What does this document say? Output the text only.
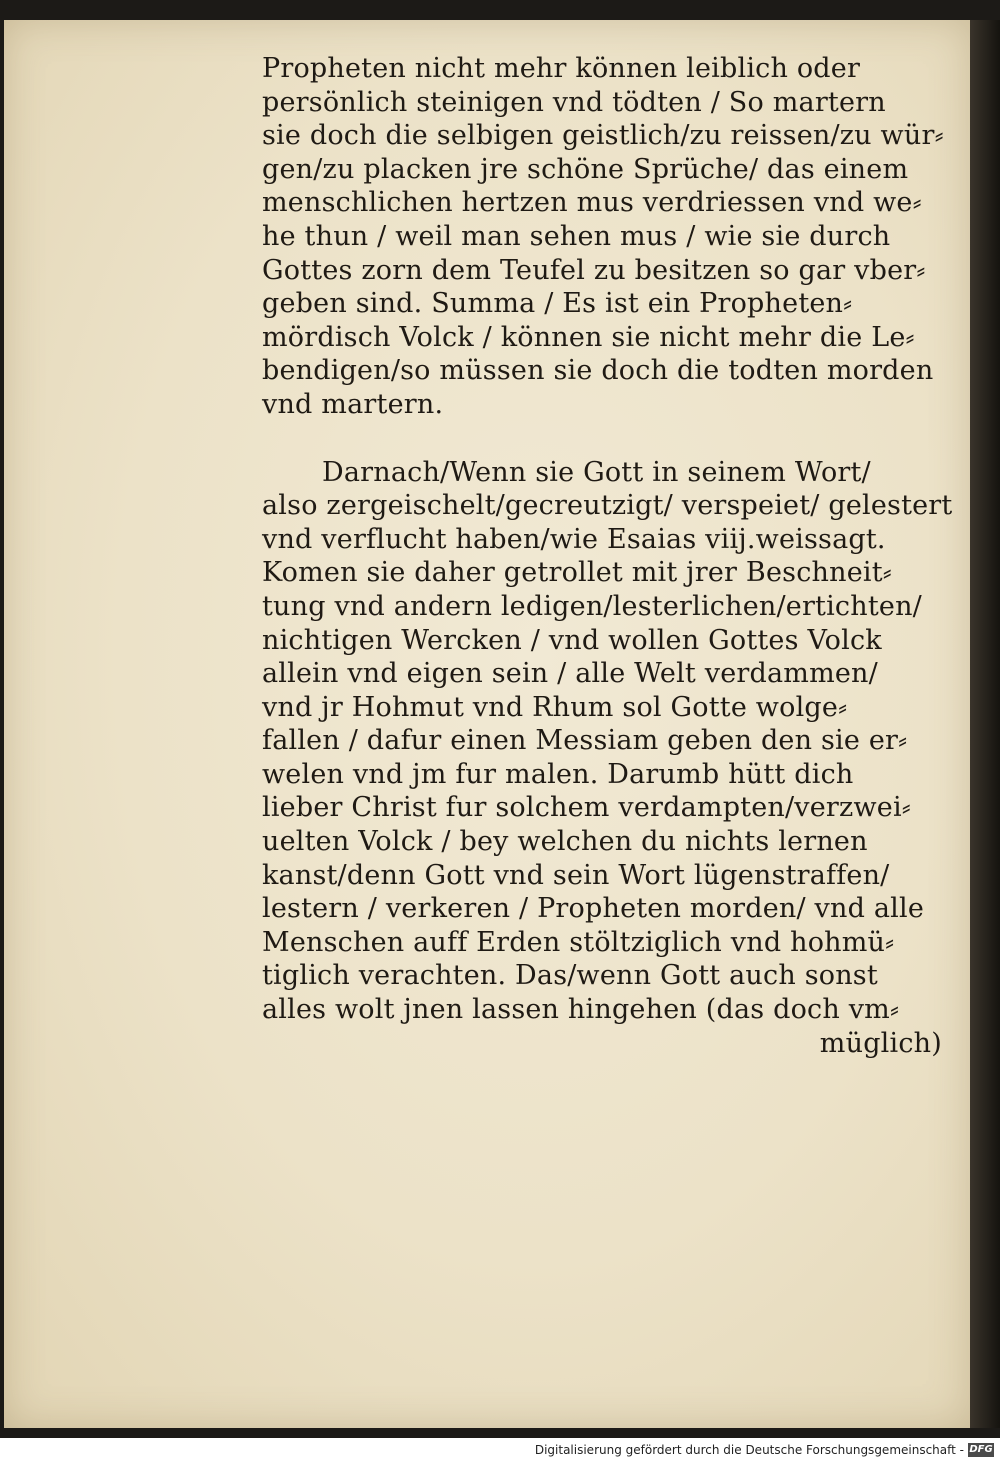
Propheten nicht mehr können leiblich oder
persönlich steinigen vnd tödten / So martern
sie doch die selbigen geistlich/zu reissen/zu wür⸗
gen/zu placken jre schöne Sprüche/ das einem
menschlichen hertzen mus verdriessen vnd we⸗
he thun / weil man sehen mus / wie sie durch
Gottes zorn dem Teufel zu besitzen so gar vber⸗
geben sind. Summa / Es ist ein Propheten⸗
mördisch Volck / können sie nicht mehr die Le⸗
bendigen/so müssen sie doch die todten morden
vnd martern.
Darnach/Wenn sie Gott in seinem Wort/
also zergeischelt/gecreutzigt/ verspeiet/ gelestert
vnd verflucht haben/wie Esaias viij.weissagt.
Komen sie daher getrollet mit jrer Beschneit⸗
tung vnd andern ledigen/lesterlichen/ertichten/
nichtigen Wercken / vnd wollen Gottes Volck
allein vnd eigen sein / alle Welt verdammen/
vnd jr Hohmut vnd Rhum sol Gotte wolge⸗
fallen / dafur einen Messiam geben den sie er⸗
welen vnd jm fur malen. Darumb hütt dich
lieber Christ fur solchem verdampten/verzwei⸗
uelten Volck / bey welchen du nichts lernen
kanst/denn Gott vnd sein Wort lügenstraffen/
lestern / verkeren / Propheten morden/ vnd alle
Menschen auff Erden stöltziglich vnd hohmü⸗
tiglich verachten. Das/wenn Gott auch sonst
alles wolt jnen lassen hingehen (das doch vm⸗
müglich)
Digitalisierung gefördert durch die Deutsche Forschungsgemeinschaft - DFG
